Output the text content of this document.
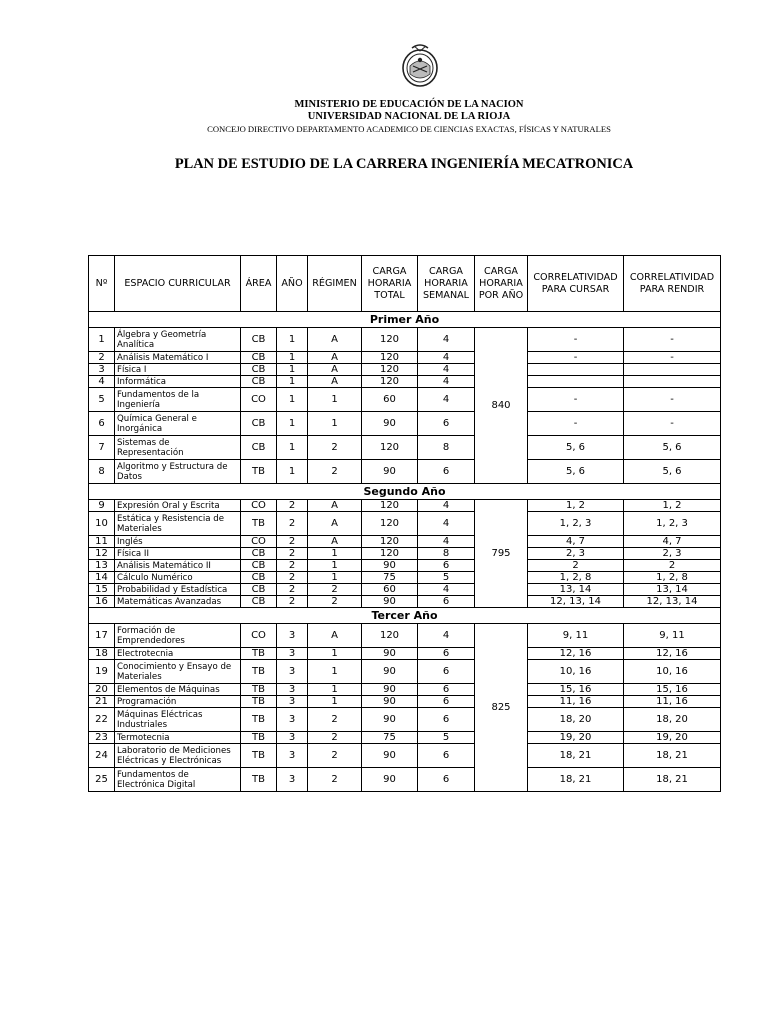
MINISTERIO DE EDUCACIÓN DE LA NACION
UNIVERSIDAD NACIONAL DE LA RIOJA
CONCEJO DIRECTIVO DEPARTAMENTO ACADEMICO DE CIENCIAS EXACTAS, FÍSICAS Y NATURALES
PLAN DE ESTUDIO DE LA CARRERA INGENIERÍA MECATRONICA
Nº	ESPACIO CURRICULAR	ÁREA	AÑO	RÉGIMEN	CARGA HORARIA TOTAL	CARGA HORARIA SEMANAL	CARGA HORARIA POR AÑO	CORRELATIVIDAD PARA CURSAR	CORRELATIVIDAD PARA RENDIR
Primer Año									
1	Álgebra y Geometría Analítica	CB	1	A	120	4	840	-	-
2	Análisis Matemático I	CB	1	A	120	4		-	-
3	Física I	CB	1	A	120	4			
4	Informática	CB	1	A	120	4			
5	Fundamentos de la Ingeniería	CO	1	1	60	4		-	-
6	Química General e Inorgánica	CB	1	1	90	6		-	-
7	Sistemas de Representación	CB	1	2	120	8		5, 6	5, 6
8	Algoritmo y Estructura de Datos	TB	1	2	90	6		5, 6	5, 6
Segundo Año									
9	Expresión Oral y Escrita	CO	2	A	120	4	795	1, 2	1, 2
10	Estática y Resistencia de Materiales	TB	2	A	120	4		1, 2, 3	1, 2, 3
11	Inglés	CO	2	A	120	4		4, 7	4, 7
12	Física II	CB	2	1	120	8		2, 3	2, 3
13	Análisis Matemático II	CB	2	1	90	6		2	2
14	Cálculo Numérico	CB	2	1	75	5		1, 2, 8	1, 2, 8
15	Probabilidad y Estadística	CB	2	2	60	4		13, 14	13, 14
16	Matemáticas Avanzadas	CB	2	2	90	6		12, 13, 14	12, 13, 14
Tercer Año									
17	Formación de Emprendedores	CO	3	A	120	4	825	9, 11	9, 11
18	Electrotecnia	TB	3	1	90	6		12, 16	12, 16
19	Conocimiento y Ensayo de Materiales	TB	3	1	90	6		10, 16	10, 16
20	Elementos de Máquinas	TB	3	1	90	6		15, 16	15, 16
21	Programación	TB	3	1	90	6		11, 16	11, 16
22	Máquinas Eléctricas Industriales	TB	3	2	90	6		18, 20	18, 20
23	Termotecnia	TB	3	2	75	5		19, 20	19, 20
24	Laboratorio de Mediciones Eléctricas y Electrónicas	TB	3	2	90	6		18, 21	18, 21
25	Fundamentos de Electrónica Digital	TB	3	2	90	6		18, 21	18, 21
